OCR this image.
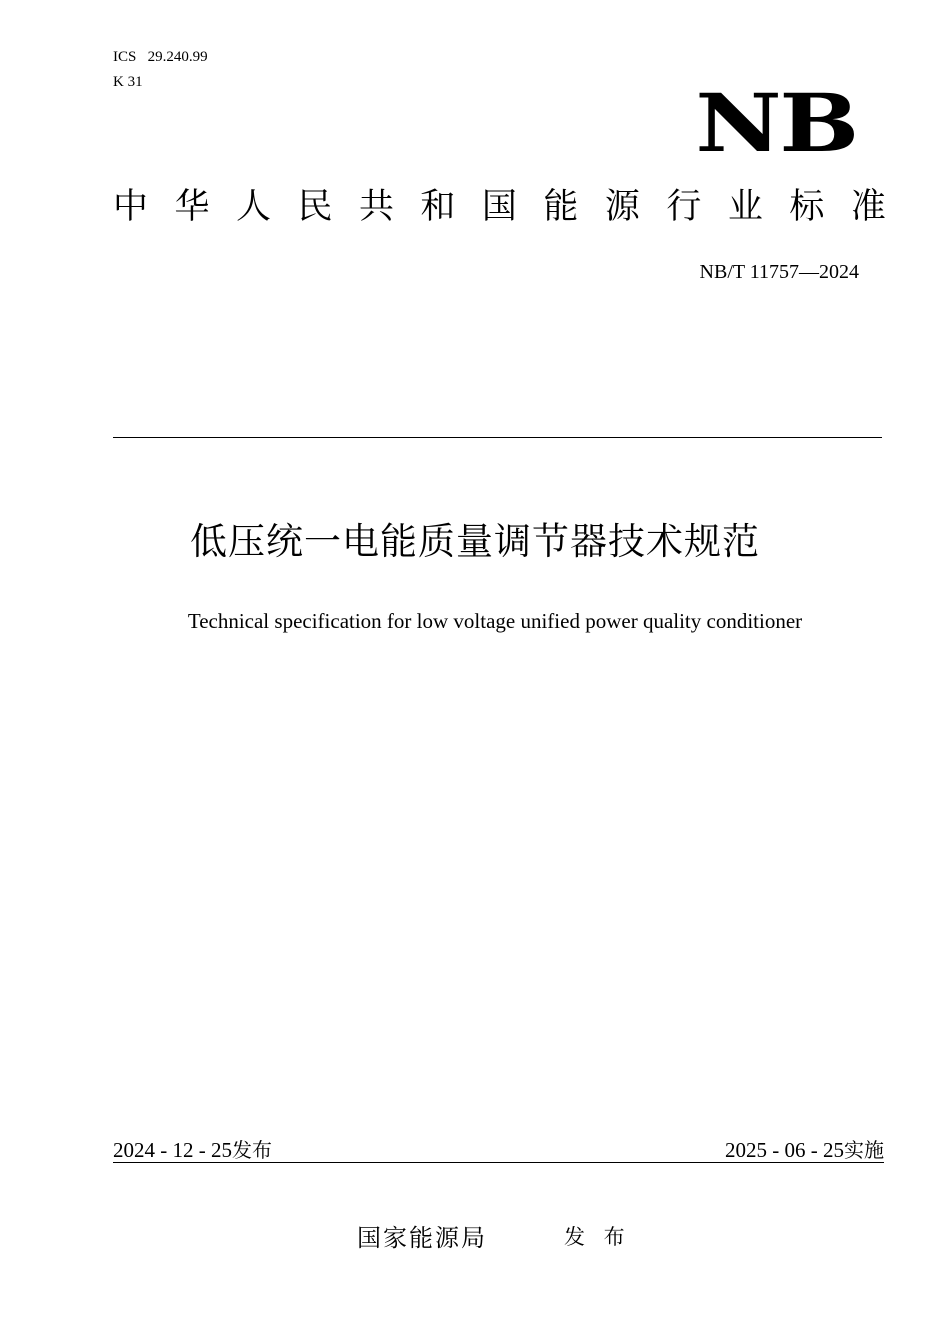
ICS   29.240.99
K 31	NB
中 华 人 民 共 和 国 能 源 行 业 标 准
NB/T 11757—2024
低压统一电能质量调节器技术规范
Technical specification for low voltage unified power quality conditioner
2024 - 12 - 25发布	2025 - 06 - 25实施
国家能源局	发 布
